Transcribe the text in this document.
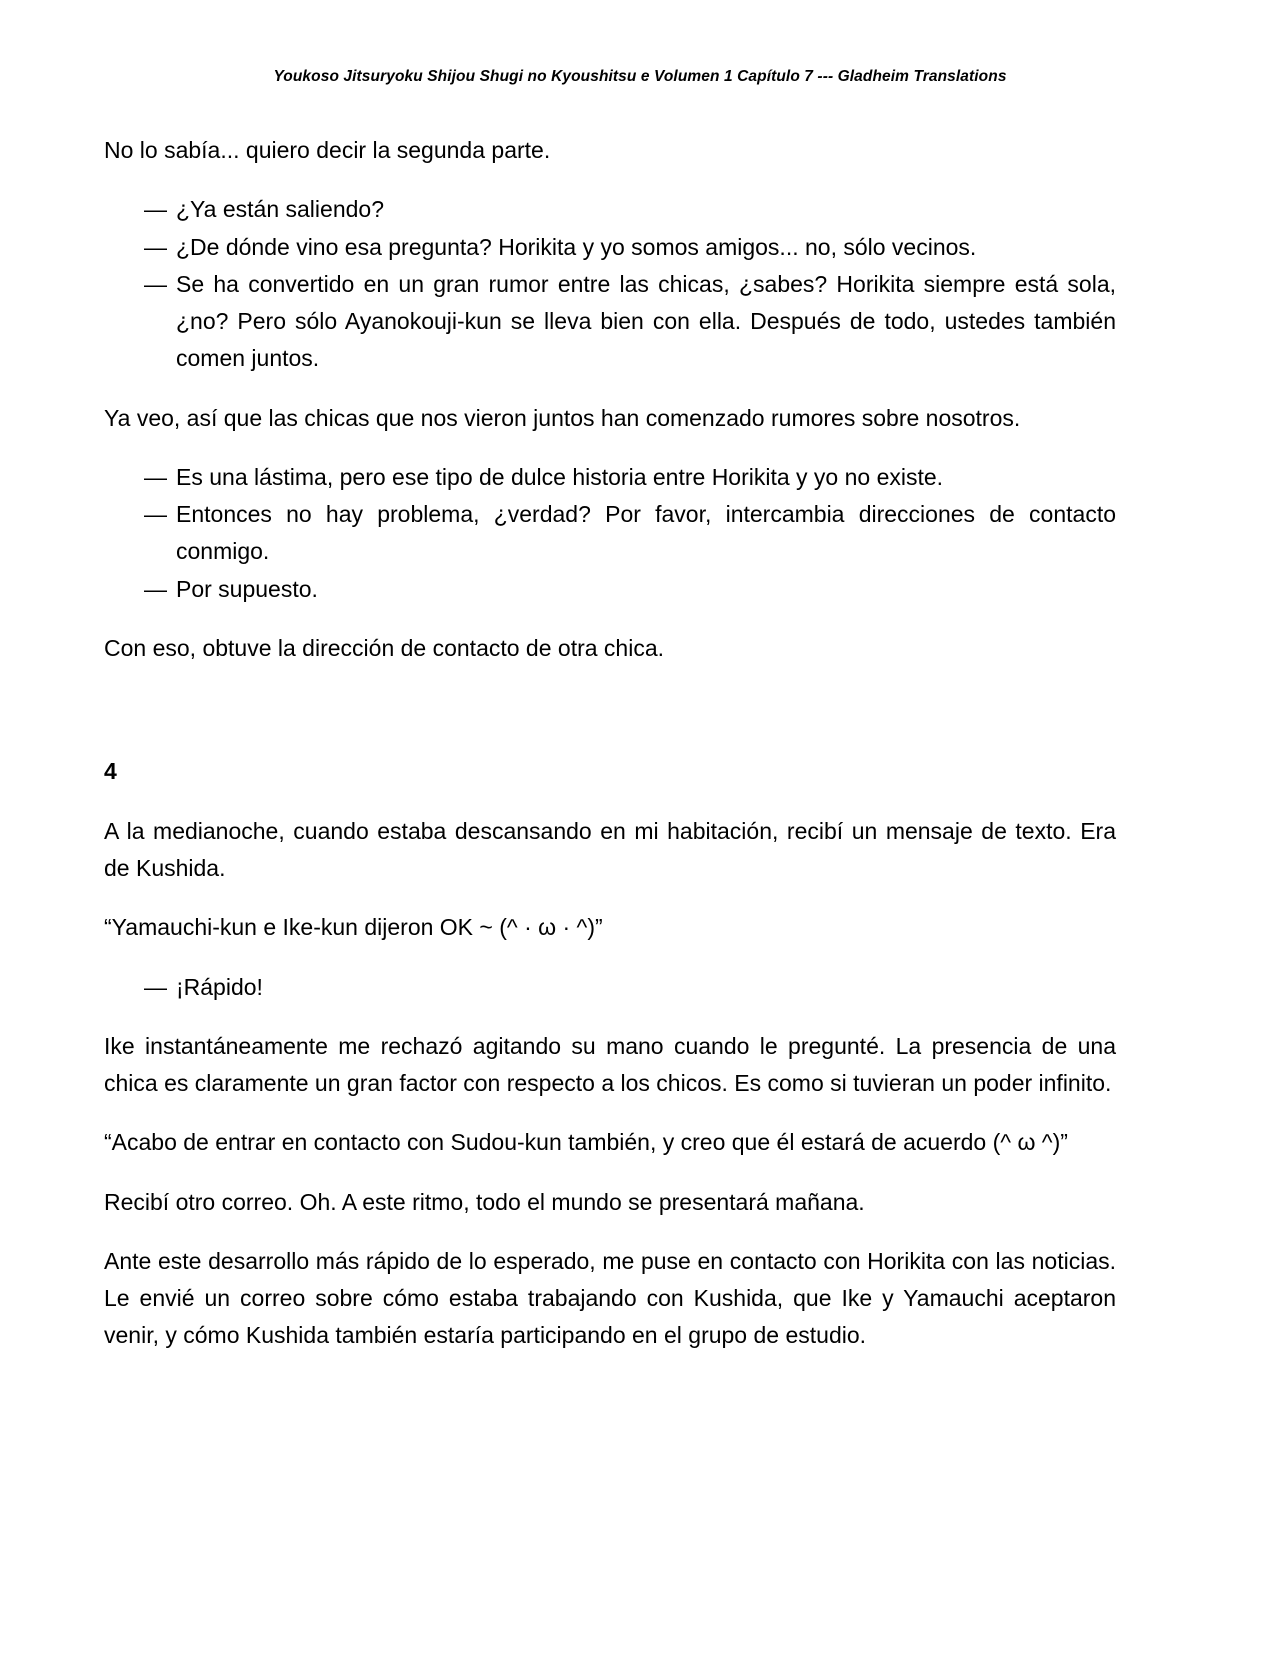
Youkoso Jitsuryoku Shijou Shugi no Kyoushitsu e Volumen 1 Capítulo 7 --- Gladheim Translations

No lo sabía... quiero decir la segunda parte.

— ¿Ya están saliendo?
— ¿De dónde vino esa pregunta? Horikita y yo somos amigos... no, sólo vecinos.
— Se ha convertido en un gran rumor entre las chicas, ¿sabes? Horikita siempre está sola, ¿no? Pero sólo Ayanokouji-kun se lleva bien con ella. Después de todo, ustedes también comen juntos.

Ya veo, así que las chicas que nos vieron juntos han comenzado rumores sobre nosotros.

— Es una lástima, pero ese tipo de dulce historia entre Horikita y yo no existe.
— Entonces no hay problema, ¿verdad? Por favor, intercambia direcciones de contacto conmigo.
— Por supuesto.

Con eso, obtuve la dirección de contacto de otra chica.

4

A la medianoche, cuando estaba descansando en mi habitación, recibí un mensaje de texto. Era de Kushida.

“Yamauchi-kun e Ike-kun dijeron OK ~ (^ · ω · ^)”

— ¡Rápido!

Ike instantáneamente me rechazó agitando su mano cuando le pregunté. La presencia de una chica es claramente un gran factor con respecto a los chicos. Es como si tuvieran un poder infinito.

“Acabo de entrar en contacto con Sudou-kun también, y creo que él estará de acuerdo (^ ω ^)”

Recibí otro correo. Oh. A este ritmo, todo el mundo se presentará mañana.

Ante este desarrollo más rápido de lo esperado, me puse en contacto con Horikita con las noticias. Le envié un correo sobre cómo estaba trabajando con Kushida, que Ike y Yamauchi aceptaron venir, y cómo Kushida también estaría participando en el grupo de estudio.
